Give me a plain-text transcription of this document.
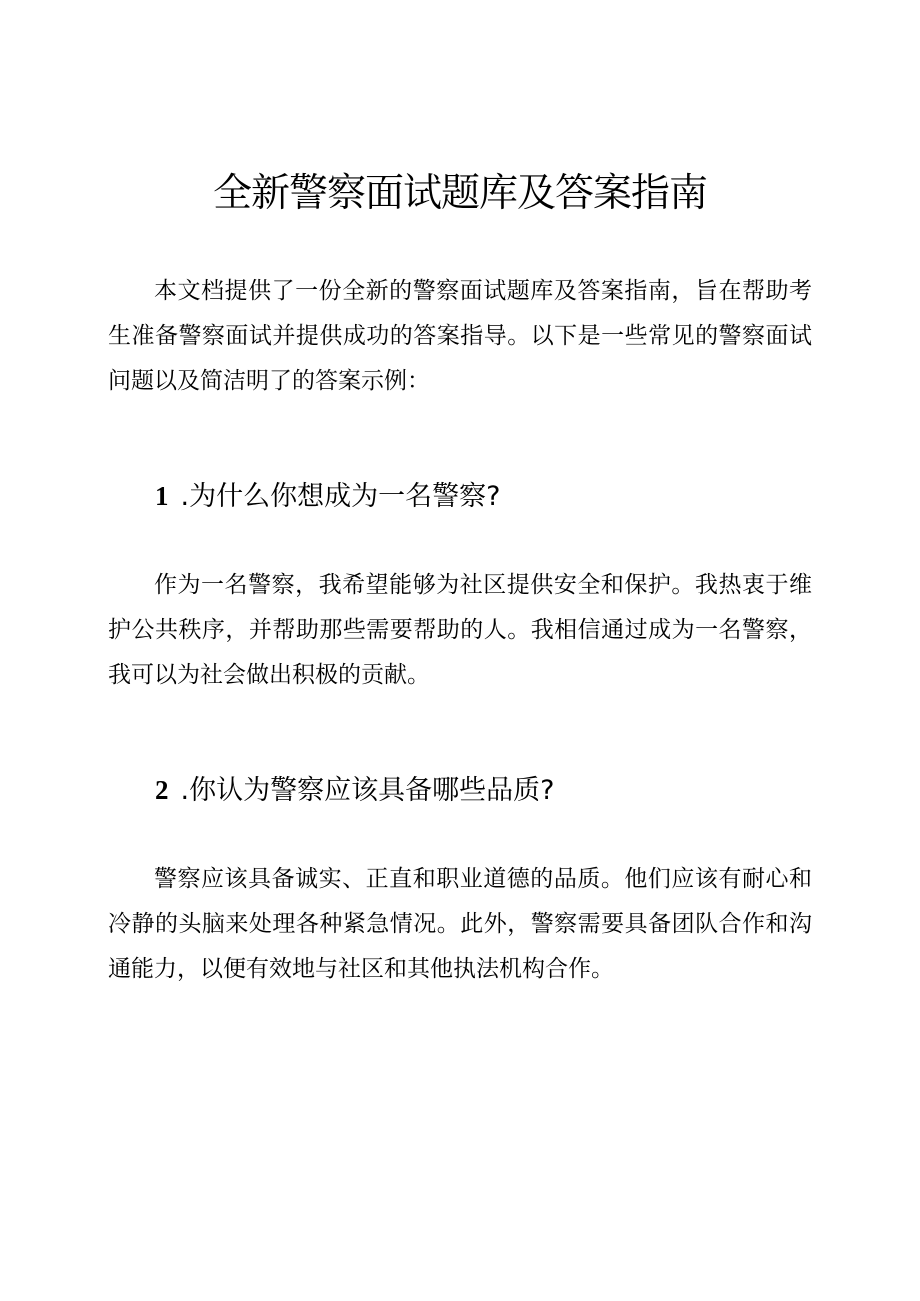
全新警察面试题库及答案指南

本文档提供了一份全新的警察面试题库及答案指南，旨在帮助考生准备警察面试并提供成功的答案指导。以下是一些常见的警察面试问题以及简洁明了的答案示例：

1 .为什么你想成为一名警察?

作为一名警察，我希望能够为社区提供安全和保护。我热衷于维护公共秩序，并帮助那些需要帮助的人。我相信通过成为一名警察，我可以为社会做出积极的贡献。

2 .你认为警察应该具备哪些品质?

警察应该具备诚实、正直和职业道德的品质。他们应该有耐心和冷静的头脑来处理各种紧急情况。此外，警察需要具备团队合作和沟通能力，以便有效地与社区和其他执法机构合作。
